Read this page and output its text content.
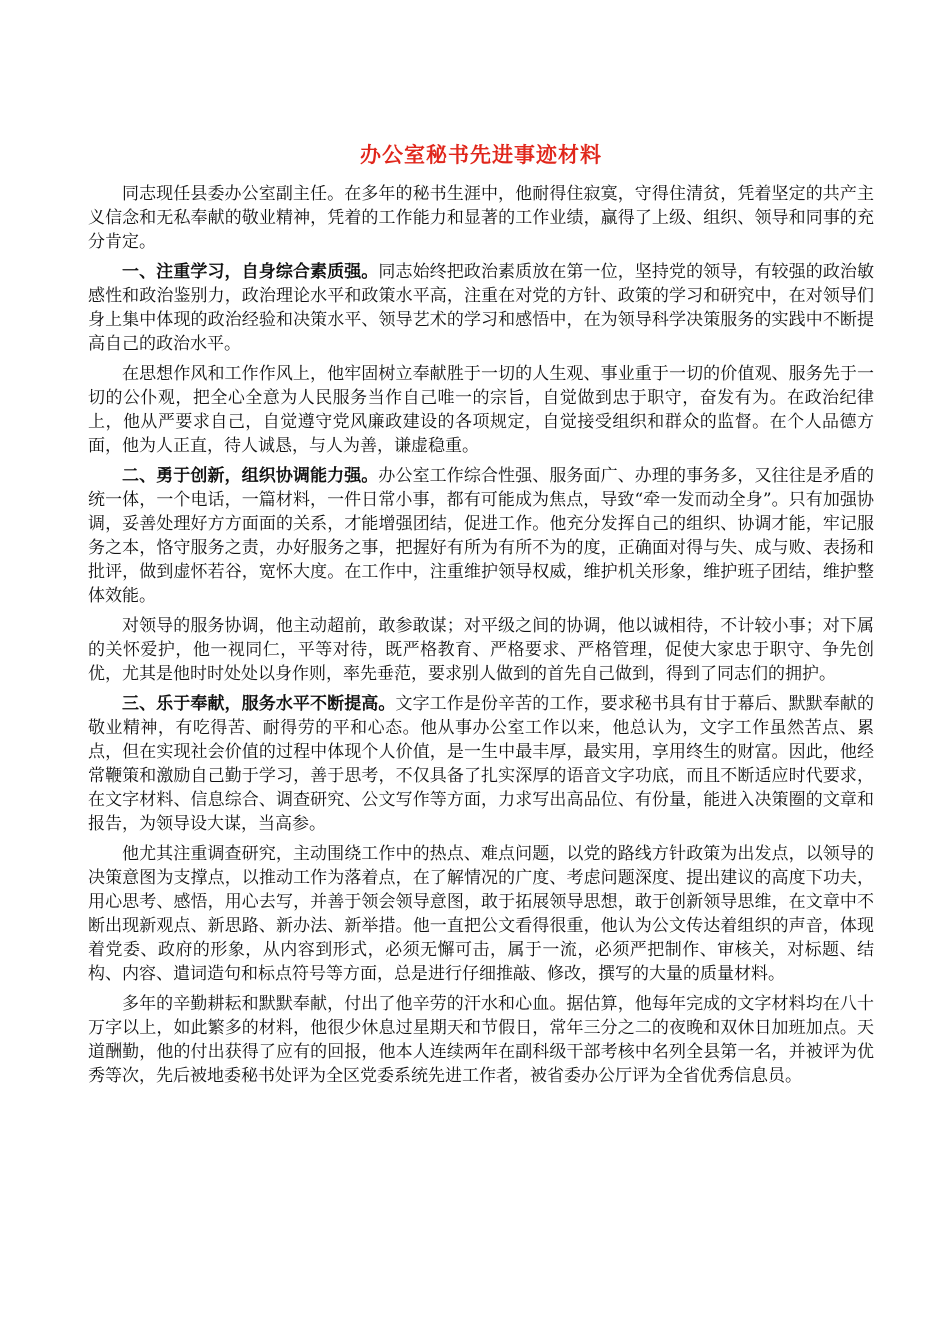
办公室秘书先进事迹材料

同志现任县委办公室副主任。在多年的秘书生涯中，他耐得住寂寞，守得住清贫，凭着坚定的共产主义信念和无私奉献的敬业精神，凭着的工作能力和显著的工作业绩，赢得了上级、组织、领导和同事的充分肯定。

一、注重学习，自身综合素质强。同志始终把政治素质放在第一位，坚持党的领导，有较强的政治敏感性和政治鉴别力，政治理论水平和政策水平高，注重在对党的方针、政策的学习和研究中，在对领导们身上集中体现的政治经验和决策水平、领导艺术的学习和感悟中，在为领导科学决策服务的实践中不断提高自己的政治水平。

在思想作风和工作作风上，他牢固树立奉献胜于一切的人生观、事业重于一切的价值观、服务先于一切的公仆观，把全心全意为人民服务当作自己唯一的宗旨，自觉做到忠于职守，奋发有为。在政治纪律上，他从严要求自己，自觉遵守党风廉政建设的各项规定，自觉接受组织和群众的监督。在个人品德方面，他为人正直，待人诚恳，与人为善，谦虚稳重。

二、勇于创新，组织协调能力强。办公室工作综合性强、服务面广、办理的事务多，又往往是矛盾的统一体，一个电话，一篇材料，一件日常小事，都有可能成为焦点，导致“牵一发而动全身”。只有加强协调，妥善处理好方方面面的关系，才能增强团结，促进工作。他充分发挥自己的组织、协调才能，牢记服务之本，恪守服务之责，办好服务之事，把握好有所为有所不为的度，正确面对得与失、成与败、表扬和批评，做到虚怀若谷，宽怀大度。在工作中，注重维护领导权威，维护机关形象，维护班子团结，维护整体效能。

对领导的服务协调，他主动超前，敢参敢谋；对平级之间的协调，他以诚相待，不计较小事；对下属的关怀爱护，他一视同仁，平等对待，既严格教育、严格要求、严格管理，促使大家忠于职守、争先创优，尤其是他时时处处以身作则，率先垂范，要求别人做到的首先自己做到，得到了同志们的拥护。

三、乐于奉献，服务水平不断提高。文字工作是份辛苦的工作，要求秘书具有甘于幕后、默默奉献的敬业精神，有吃得苦、耐得劳的平和心态。他从事办公室工作以来，他总认为，文字工作虽然苦点、累点，但在实现社会价值的过程中体现个人价值，是一生中最丰厚，最实用，享用终生的财富。因此，他经常鞭策和激励自己勤于学习，善于思考，不仅具备了扎实深厚的语音文字功底，而且不断适应时代要求，在文字材料、信息综合、调查研究、公文写作等方面，力求写出高品位、有份量，能进入决策圈的文章和报告，为领导设大谋，当高参。

他尤其注重调查研究，主动围绕工作中的热点、难点问题，以党的路线方针政策为出发点，以领导的决策意图为支撑点，以推动工作为落着点，在了解情况的广度、考虑问题深度、提出建议的高度下功夫，用心思考、感悟，用心去写，并善于领会领导意图，敢于拓展领导思想，敢于创新领导思维，在文章中不断出现新观点、新思路、新办法、新举措。他一直把公文看得很重，他认为公文传达着组织的声音，体现着党委、政府的形象，从内容到形式，必须无懈可击，属于一流，必须严把制作、审核关，对标题、结构、内容、遣词造句和标点符号等方面，总是进行仔细推敲、修改，撰写的大量的质量材料。

多年的辛勤耕耘和默默奉献，付出了他辛劳的汗水和心血。据估算，他每年完成的文字材料均在八十万字以上，如此繁多的材料，他很少休息过星期天和节假日，常年三分之二的夜晚和双休日加班加点。天道酬勤，他的付出获得了应有的回报，他本人连续两年在副科级干部考核中名列全县第一名，并被评为优秀等次，先后被地委秘书处评为全区党委系统先进工作者，被省委办公厅评为全省优秀信息员。
